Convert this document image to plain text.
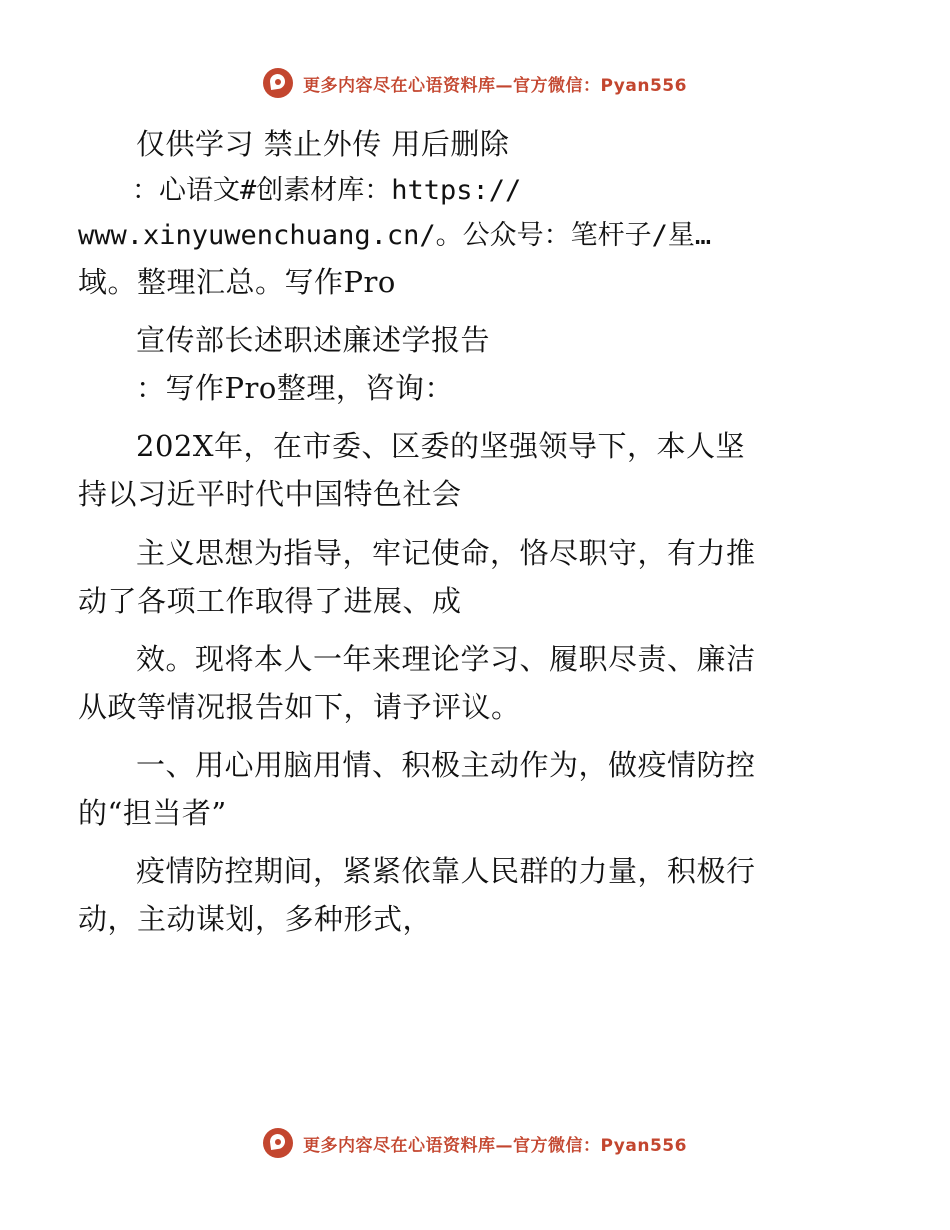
更多内容尽在心语资料库—官方微信：Pyan556

仅供学习 禁止外传 用后删除

：心语文#创素材库：https://

www.xinyuwenchuang.cn/。公众号：笔杆子/星…

域。整理汇总。写作Pro

宣传部长述职述廉述学报告

：写作Pro整理，咨询：

202X年，在市委、区委的坚强领导下，本人坚

持以习近平时代中国特色社会

主义思想为指导，牢记使命，恪尽职守，有力推

动了各项工作取得了进展、成

效。现将本人一年来理论学习、履职尽责、廉洁

从政等情况报告如下，请予评议。

一、用心用脑用情、积极主动作为，做疫情防控

的“担当者”

疫情防控期间，紧紧依靠人民群的力量，积极行

动，主动谋划，多种形式，

更多内容尽在心语资料库—官方微信：Pyan556
